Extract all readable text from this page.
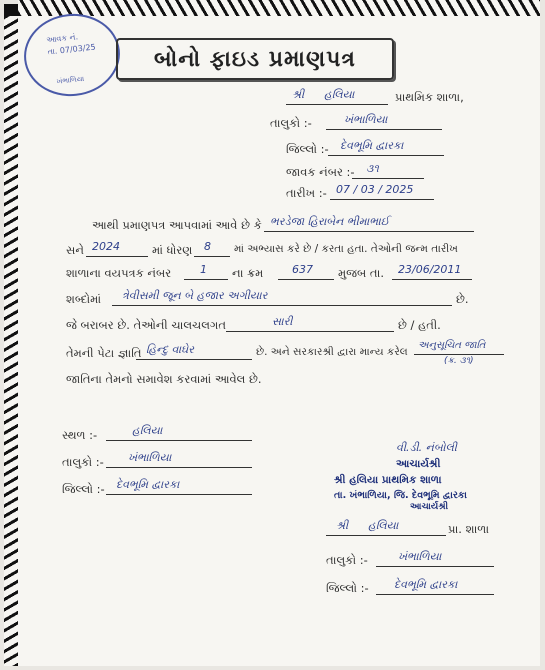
આવક નં.
તા. 07/03/25
ખંભાળિયા
બોનો ફાઇડ પ્રમાણપત્ર
શ્રી હલિયા	પ્રાથમિક શાળા,
તાલુકો :-	ખંભાળિયા
જિલ્લો :- દેવભૂમિ દ્વારકા
જાવક નંબર :- ૩૧
તારીખ :- 07 / 03 / 2025
આથી પ્રમાણપત્ર આપવામાં આવે છે કે ભરડેજા હિરાબેન ભીમાભાઈ
સને 2024	માં ધોરણ 8 માં અભ્યાસ કરે છે / કરતા હતા. તેઓની જન્મ તારીખ
શાળાના વયપત્રક નંબર	1 ના ક્રમ	637 મુજબ તા. 23/06/2011
શબ્દોમાં ત્રેવીસમી જૂન બે હજાર અગીયાર	છે.
જે બરાબર છે. તેઓની ચાલચલગત	સારી	છે / હતી.
તેમની પેટા જ્ઞાતિ હિન્દુ વાઘેર	છે. અને સરકારશ્રી દ્વારા માન્ય કરેલ
અનુસૂચિત જાતિ
(ક્ર. ૩૧)
જાતિના તેમનો સમાવેશ કરવામાં આવેલ છે.
સ્થળ :-	હલિયા
તાલુકો :- ખંભાળિયા
જિલ્લો :- દેવભૂમિ દ્વારકા
વી.ડી. નંબોલી
આચાર્યશ્રી
શ્રી હલિયા પ્રાથમિક શાળા
તા. ખંભાળિયા, જિ. દેવભૂમિ દ્વારકા
આચાર્યશ્રી
શ્રી હલિયા	પ્રા. શાળા
તાલુકો :-	ખંભાળિયા
જિલ્લો :- દેવભૂમિ દ્વારકા
